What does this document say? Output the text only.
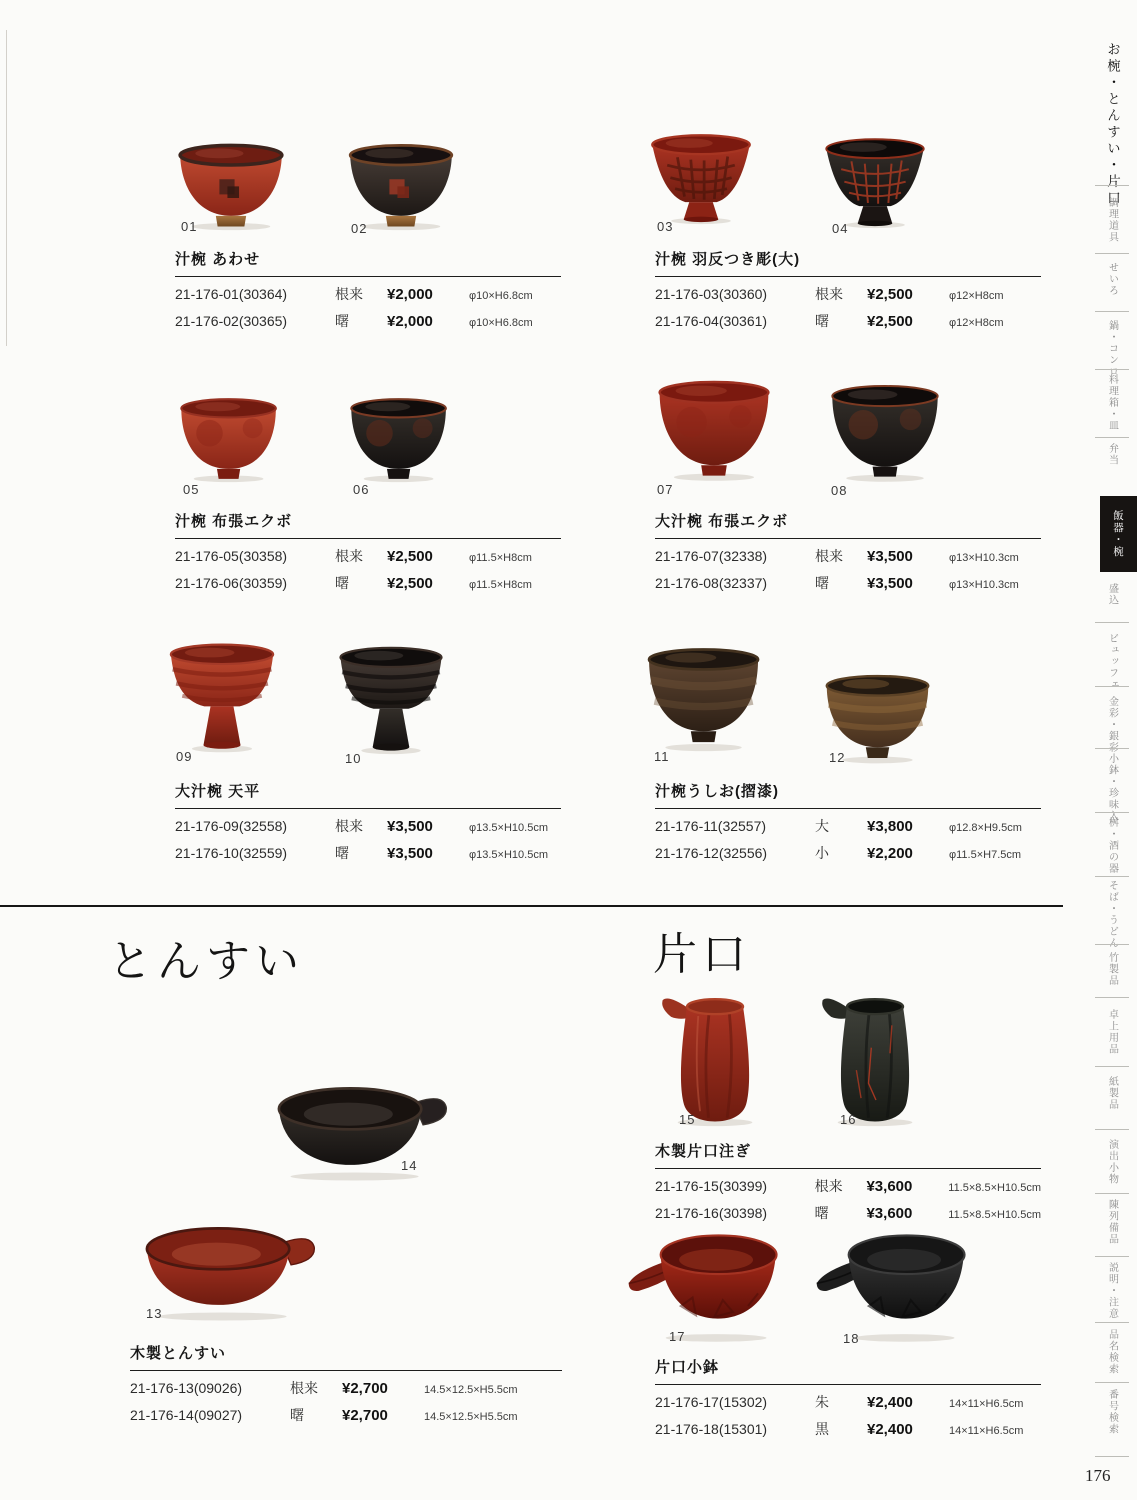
01	02	03	04
汁椀 あわせ
21-176-01(30364)	根来	¥2,000	φ10×H6.8cm
21-176-02(30365)	曙	¥2,000	φ10×H6.8cm
汁椀 羽反つき彫(大)
21-176-03(30360)	根来	¥2,500	φ12×H8cm
21-176-04(30361)	曙	¥2,500	φ12×H8cm
05	06	07	08
汁椀 布張エクボ
21-176-05(30358)	根来	¥2,500	φ11.5×H8cm
21-176-06(30359)	曙	¥2,500	φ11.5×H8cm
大汁椀 布張エクボ
21-176-07(32338)	根来	¥3,500	φ13×H10.3cm
21-176-08(32337)	曙	¥3,500	φ13×H10.3cm
09	10	11	12
大汁椀 天平
21-176-09(32558)	根来	¥3,500	φ13.5×H10.5cm
21-176-10(32559)	曙	¥3,500	φ13.5×H10.5cm
汁椀うしお(摺漆)
21-176-11(32557)	大	¥3,800	φ12.8×H9.5cm
21-176-12(32556)	小	¥2,200	φ11.5×H7.5cm
とんすい	片口
14
13
木製とんすい
21-176-13(09026)	根来	¥2,700	14.5×12.5×H5.5cm
21-176-14(09027)	曙	¥2,700	14.5×12.5×H5.5cm
15	16
木製片口注ぎ
21-176-15(30399)	根来	¥3,600	11.5×8.5×H10.5cm
21-176-16(30398)	曙	¥3,600	11.5×8.5×H10.5cm
17	18
片口小鉢
21-176-17(15302)	朱	¥2,400	14×11×H6.5cm
21-176-18(15301)	黒	¥2,400	14×11×H6.5cm
お椀・とんすい・片口
調理道具
せいろ
鍋・コンロ
料理箱・皿
弁当
飯器・椀
盛込
ビュッフェ
金彩・銀彩
小鉢・珍味入
桝・酒の器
そば・うどん
竹製品
卓上用品
紙製品
演出小物
陳列備品
説明・注意
品名検索
番号検索
176
